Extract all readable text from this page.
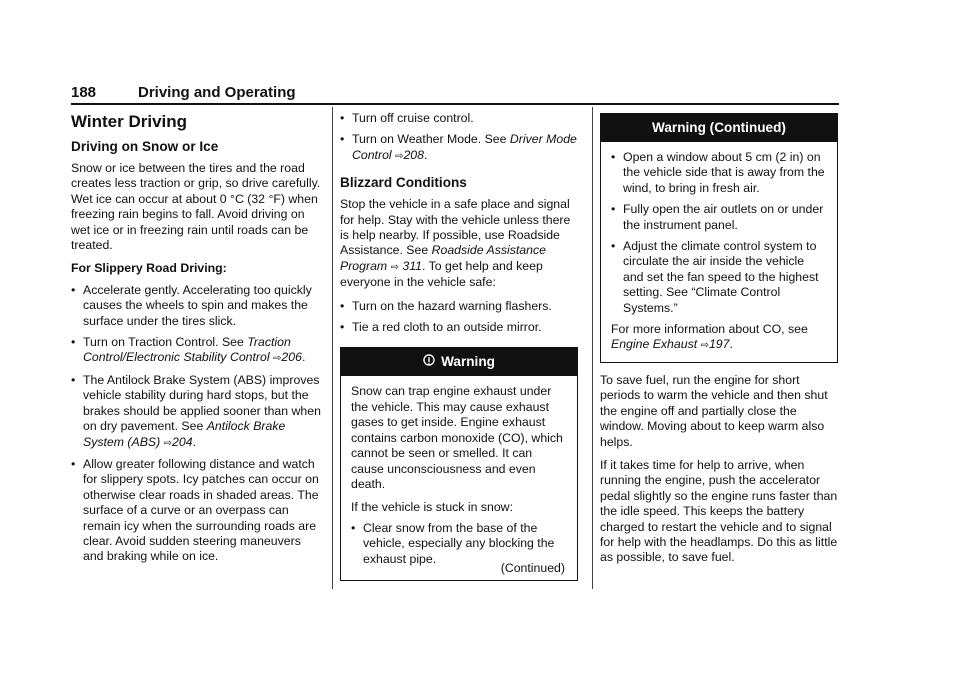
188	Driving and Operating
Winter Driving
Driving on Snow or Ice

Snow or ice between the tires and the road creates less traction or grip, so drive carefully. Wet ice can occur at about 0 °C (32 °F) when freezing rain begins to fall. Avoid driving on wet ice or in freezing rain until roads can be treated.

For Slippery Road Driving:

• Accelerate gently. Accelerating too quickly causes the wheels to spin and makes the surface under the tires slick.
• Turn on Traction Control. See Traction Control/Electronic Stability Control ⇨206.
• The Antilock Brake System (ABS) improves vehicle stability during hard stops, but the brakes should be applied sooner than when on dry pavement. See Antilock Brake System (ABS) ⇨204.
• Allow greater following distance and watch for slippery spots. Icy patches can occur on otherwise clear roads in shaded areas. The surface of a curve or an overpass can remain icy when the surrounding roads are clear. Avoid sudden steering maneuvers and braking while on ice.
• Turn off cruise control.
• Turn on Weather Mode. See Driver Mode Control ⇨208.
Blizzard Conditions

Stop the vehicle in a safe place and signal for help. Stay with the vehicle unless there is help nearby. If possible, use Roadside Assistance. See Roadside Assistance Program ⇨ 311. To get help and keep everyone in the vehicle safe:

• Turn on the hazard warning flashers.
• Tie a red cloth to an outside mirror.
Warning

Snow can trap engine exhaust under the vehicle. This may cause exhaust gases to get inside. Engine exhaust contains carbon monoxide (CO), which cannot be seen or smelled. It can cause unconsciousness and even death.

If the vehicle is stuck in snow:

• Clear snow from the base of the vehicle, especially any blocking the exhaust pipe.
(Continued)
Warning (Continued)
• Open a window about 5 cm (2 in) on the vehicle side that is away from the wind, to bring in fresh air.
• Fully open the air outlets on or under the instrument panel.
• Adjust the climate control system to circulate the air inside the vehicle and set the fan speed to the highest setting. See “Climate Control Systems.”

For more information about CO, see Engine Exhaust ⇨197.

To save fuel, run the engine for short periods to warm the vehicle and then shut the engine off and partially close the window. Moving about to keep warm also helps.

If it takes time for help to arrive, when running the engine, push the accelerator pedal slightly so the engine runs faster than the idle speed. This keeps the battery charged to restart the vehicle and to signal for help with the headlamps. Do this as little as possible, to save fuel.
